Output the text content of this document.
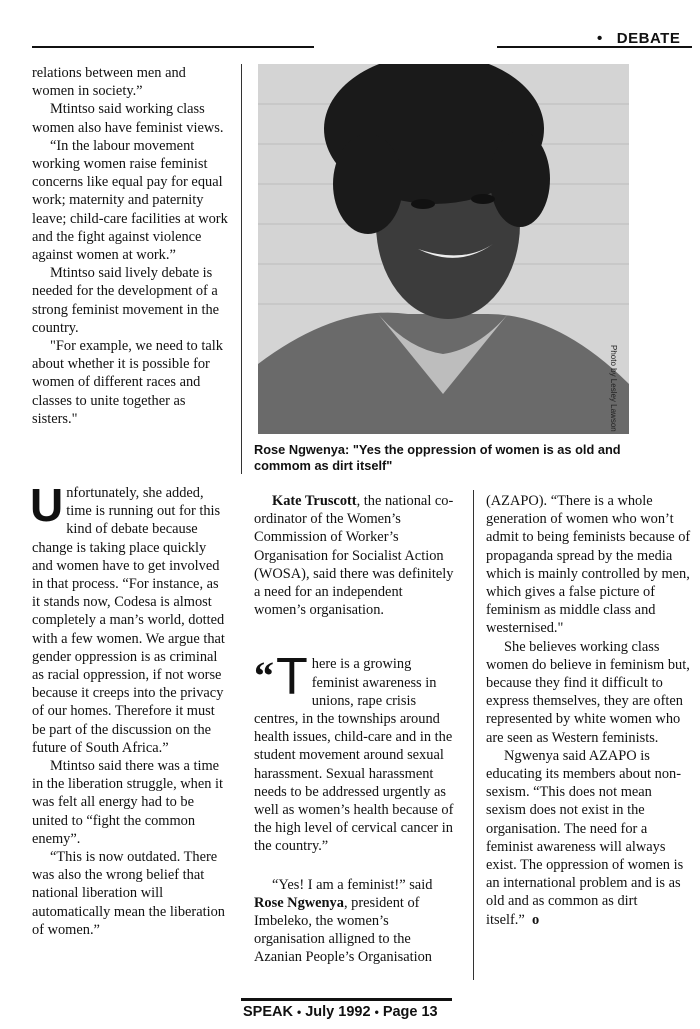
• DEBATE

relations between men and women in society.”

Mtintso said working class women also have feminist views.

“In the labour movement working women raise feminist concerns like equal pay for equal work; maternity and paternity leave; child-care facilities at work and the fight against violence against women at work.”

Mtintso said lively debate is needed for the development of a strong feminist movement in the country.

"For example, we need to talk about whether it is possible for women of different races and classes to unite together as sisters."	Photo by Lesley Lawson
Rose Ngwenya: "Yes the oppression of women is as old and commom as dirt itself"

Unfortunately, she added, time is running out for this kind of debate because change is taking place quickly and women have to get involved in that process. “For instance, as it stands now, Codesa is almost completely a man’s world, dotted with a few women. We argue that gender oppression is as criminal as racial oppression, if not worse because it creeps into the privacy of our homes. Therefore it must be part of the discussion on the future of South Africa.”

Mtintso said there was a time in the liberation struggle, when it was felt all energy had to be united to “fight the common enemy”.

“This is now outdated. There was also the wrong belief that national liberation will automatically mean the liberation of women.”

Kate Truscott, the national co-ordinator of the Women’s Commission of Worker’s Organisation for Socialist Action (WOSA), said there was definitely a need for an independent women’s organisation.

“ T here is a growing feminist awareness in unions, rape crisis centres, in the townships around health issues, child-care and in the student movement around sexual harassment. Sexual harassment needs to be addressed urgently as well as women’s health because of the high level of cervical cancer in the country.”

“Yes! I am a feminist!” said Rose Ngwenya, president of Imbeleko, the women’s organisation alligned to the Azanian People’s Organisation

(AZAPO). “There is a whole generation of women who won’t admit to being feminists because of propaganda spread by the media which is mainly controlled by men, which gives a false picture of feminism as middle class and westernised."

She believes working class women do believe in feminism but, because they find it difficult to express themselves, they are often represented by white women who are seen as Western feminists.

Ngwenya said AZAPO is educating its members about non-sexism. “This does not mean sexism does not exist in the organisation. The need for a feminist awareness will always exist. The oppression of women is an international problem and is as old and as common as dirt itself.” o

SPEAK • July 1992 • Page 13
